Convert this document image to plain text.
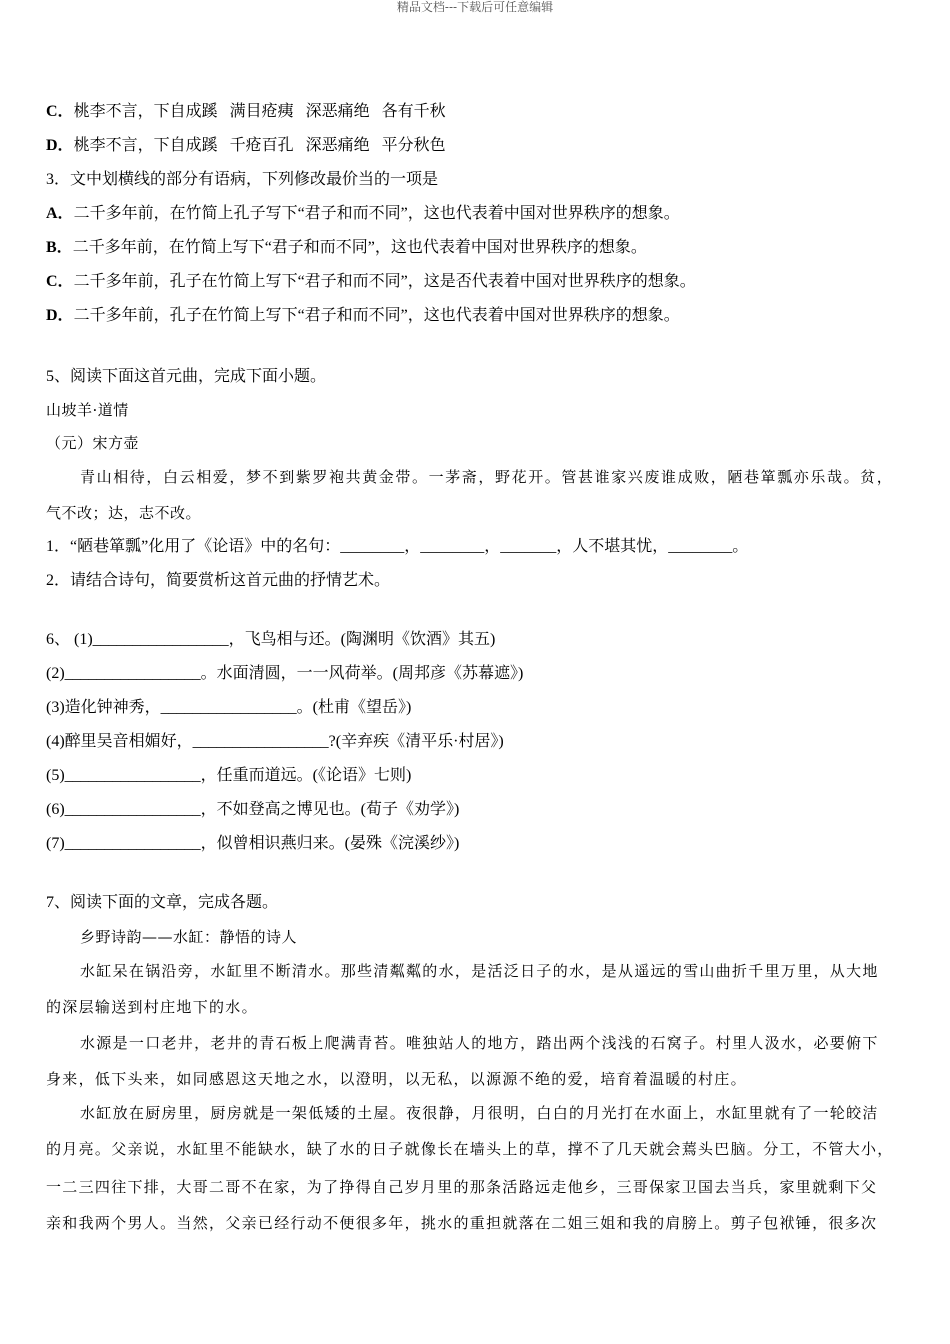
精品文档---下载后可任意编辑
C．桃李不言，下自成蹊 满目疮痍 深恶痛绝 各有千秋
D．桃李不言，下自成蹊 千疮百孔 深恶痛绝 平分秋色
3．文中划横线的部分有语病，下列修改最价当的一项是
A．二千多年前，在竹简上孔子写下“君子和而不同”，这也代表着中国对世界秩序的想象。
B．二千多年前，在竹简上写下“君子和而不同”，这也代表着中国对世界秩序的想象。
C．二千多年前，孔子在竹简上写下“君子和而不同”，这是否代表着中国对世界秩序的想象。
D．二千多年前，孔子在竹简上写下“君子和而不同”，这也代表着中国对世界秩序的想象。
5、阅读下面这首元曲，完成下面小题。
山坡羊·道情
（元）宋方壶
青山相待，白云相爱，梦不到紫罗袍共黄金带。一茅斋，野花开。管甚谁家兴废谁成败，陋巷箪瓢亦乐哉。贫，
气不改；达，志不改。
1．“陋巷箪瓢”化用了《论语》中的名句：________，________，_______，人不堪其忧，________。
2．请结合诗句，简要赏析这首元曲的抒情艺术。
6、 (1)_________________，飞鸟相与还。(陶渊明《饮酒》其五)
(2)_________________。水面清圆，一一风荷举。(周邦彦《苏幕遮》)
(3)造化钟神秀，_________________。(杜甫《望岳》)
(4)醉里吴音相媚好，_________________?(辛弃疾《清平乐·村居》)
(5)_________________，任重而道远。(《论语》七则)
(6)_________________，不如登高之博见也。(荀子《劝学》)
(7)_________________，似曾相识燕归来。(晏殊《浣溪纱》)
7、阅读下面的文章，完成各题。
乡野诗韵——水缸：静悟的诗人
水缸呆在锅沿旁，水缸里不断清水。那些清粼粼的水，是活泛日子的水，是从遥远的雪山曲折千里万里，从大地
的深层输送到村庄地下的水。
水源是一口老井，老井的青石板上爬满青苔。唯独站人的地方，踏出两个浅浅的石窝子。村里人汲水，必要俯下
身来，低下头来，如同感恩这天地之水，以澄明，以无私，以源源不绝的爱，培育着温暖的村庄。
水缸放在厨房里，厨房就是一架低矮的土屋。夜很静，月很明，白白的月光打在水面上，水缸里就有了一轮皎洁
的月亮。父亲说，水缸里不能缺水，缺了水的日子就像长在墙头上的草，撑不了几天就会蔫头巴脑。分工，不管大小，
一二三四往下排，大哥二哥不在家，为了挣得自己岁月里的那条活路远走他乡，三哥保家卫国去当兵，家里就剩下父
亲和我两个男人。当然，父亲已经行动不便很多年，挑水的重担就落在二姐三姐和我的肩膀上。剪子包袱锤，很多次
